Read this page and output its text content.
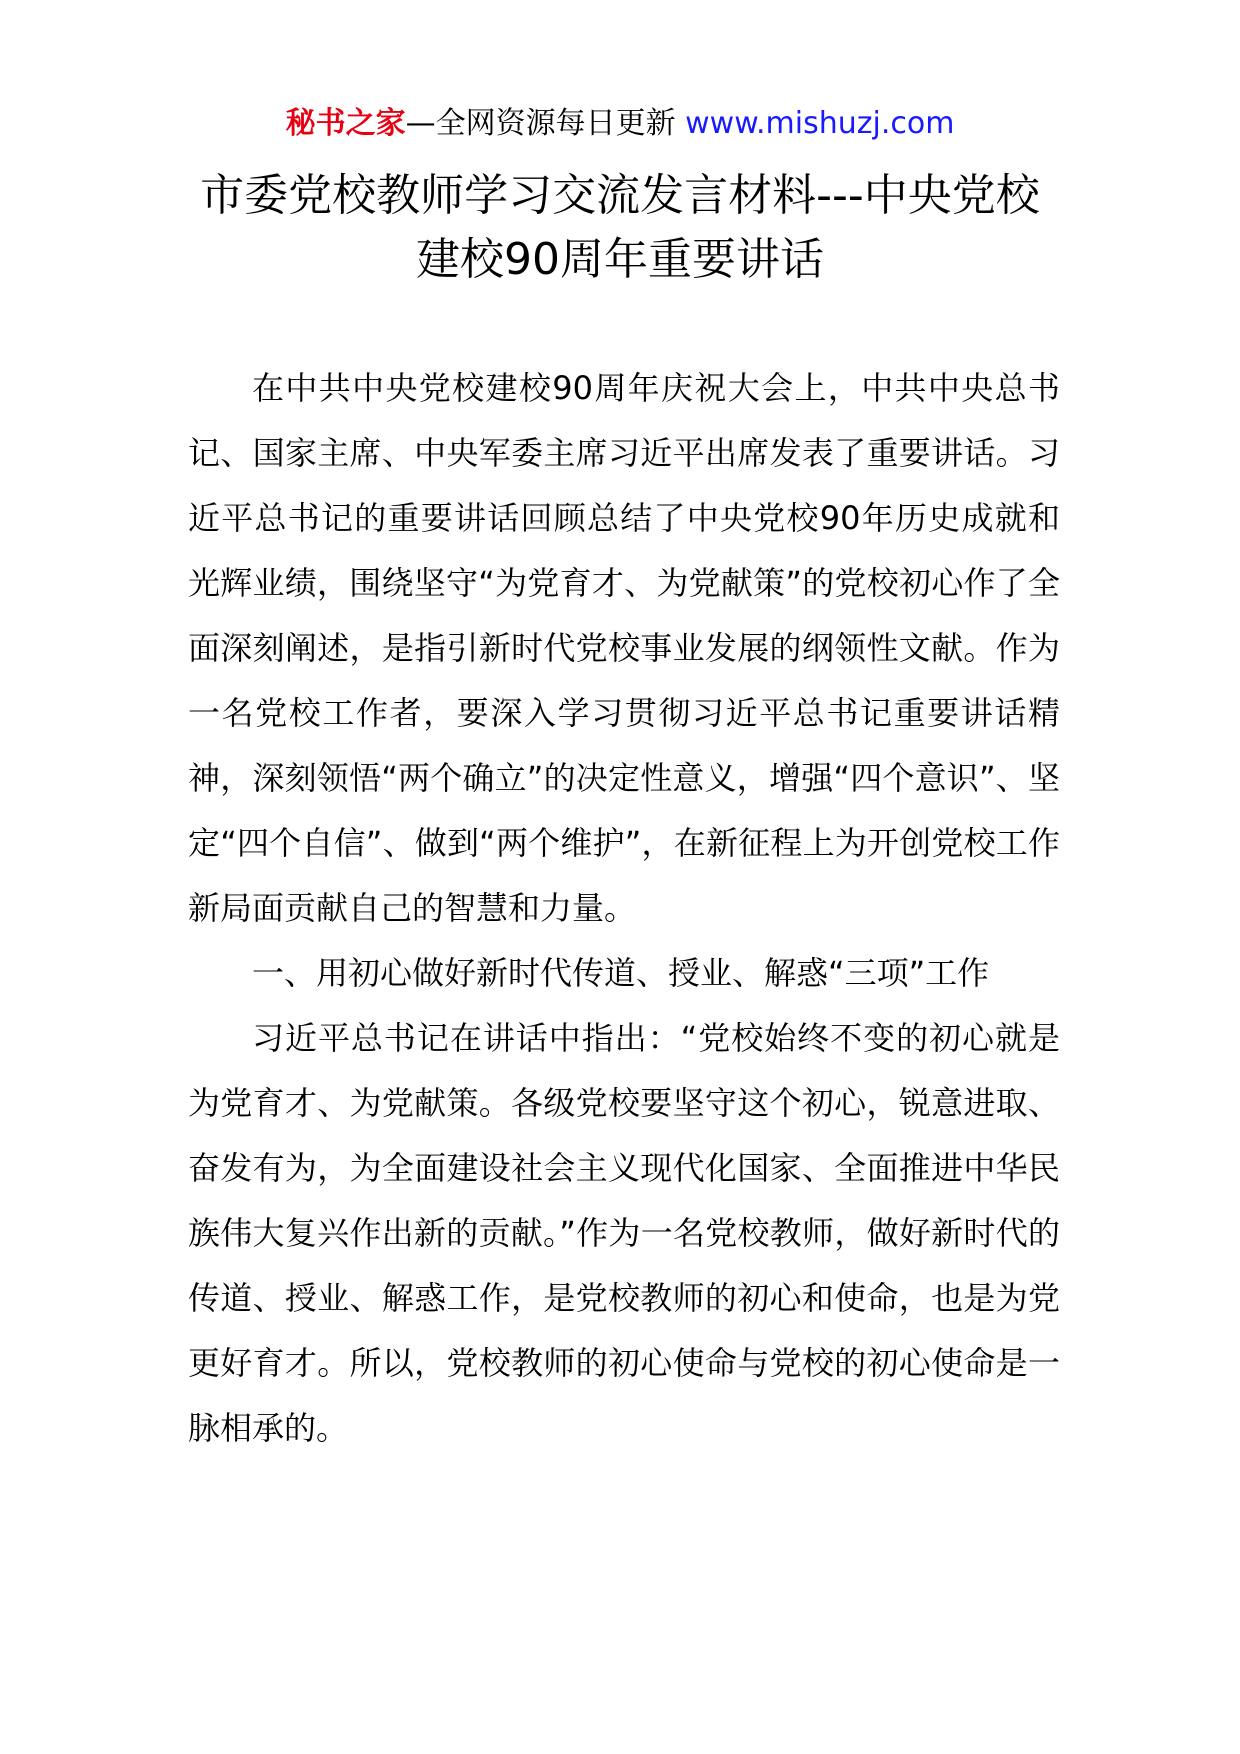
秘书之家—全网资源每日更新 www.mishuzj.com
市委党校教师学习交流发言材料---中央党校建校90周年重要讲话

在中共中央党校建校90周年庆祝大会上，中共中央总书记、国家主席、中央军委主席习近平出席发表了重要讲话。习近平总书记的重要讲话回顾总结了中央党校90年历史成就和光辉业绩，围绕坚守“为党育才、为党献策”的党校初心作了全面深刻阐述，是指引新时代党校事业发展的纲领性文献。作为一名党校工作者，要深入学习贯彻习近平总书记重要讲话精神，深刻领悟“两个确立”的决定性意义，增强“四个意识”、坚定“四个自信”、做到“两个维护”，在新征程上为开创党校工作新局面贡献自己的智慧和力量。

一、用初心做好新时代传道、授业、解惑“三项”工作

习近平总书记在讲话中指出：“党校始终不变的初心就是为党育才、为党献策。各级党校要坚守这个初心，锐意进取、奋发有为，为全面建设社会主义现代化国家、全面推进中华民族伟大复兴作出新的贡献。”作为一名党校教师，做好新时代的传道、授业、解惑工作，是党校教师的初心和使命，也是为党更好育才。所以，党校教师的初心使命与党校的初心使命是一脉相承的。
